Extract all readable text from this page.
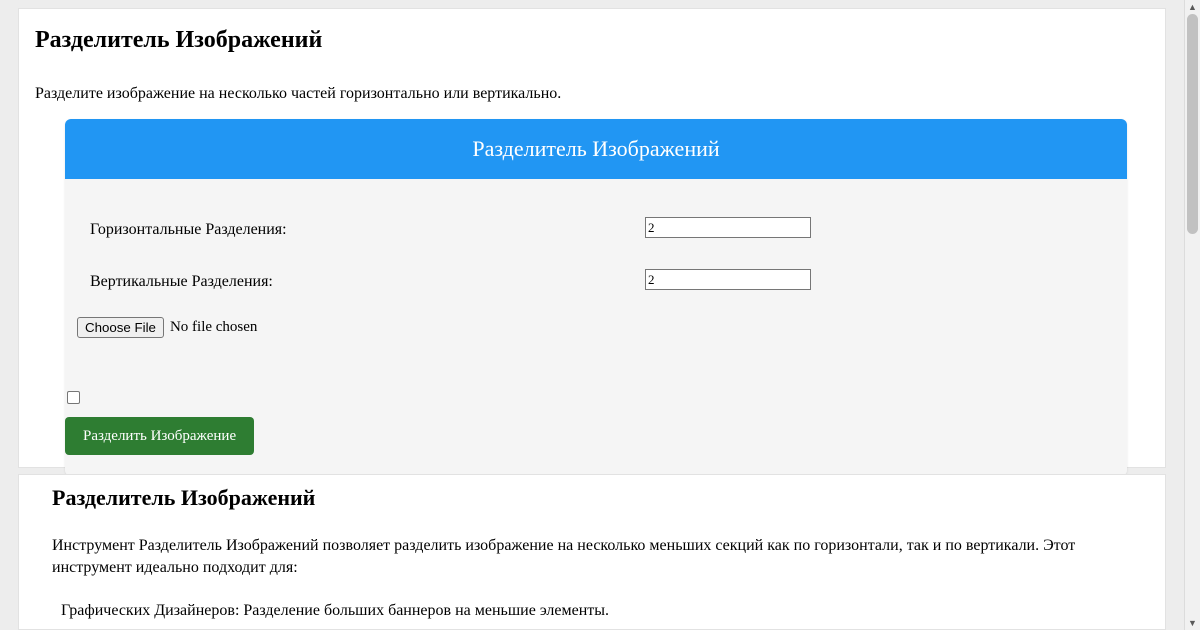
Разделитель Изображений
Разделите изображение на несколько частей горизонтально или вертикально.
Разделитель Изображений
Горизонтальные Разделения:
2
Вертикальные Разделения:
2
Choose File No file chosen
Разделить Изображение
Разделитель Изображений
Инструмент Разделитель Изображений позволяет разделить изображение на несколько меньших секций как по горизонтали, так и по вертикали. Этот инструмент идеально подходит для:
Графических Дизайнеров: Разделение больших баннеров на меньшие элементы.
▲
▼
